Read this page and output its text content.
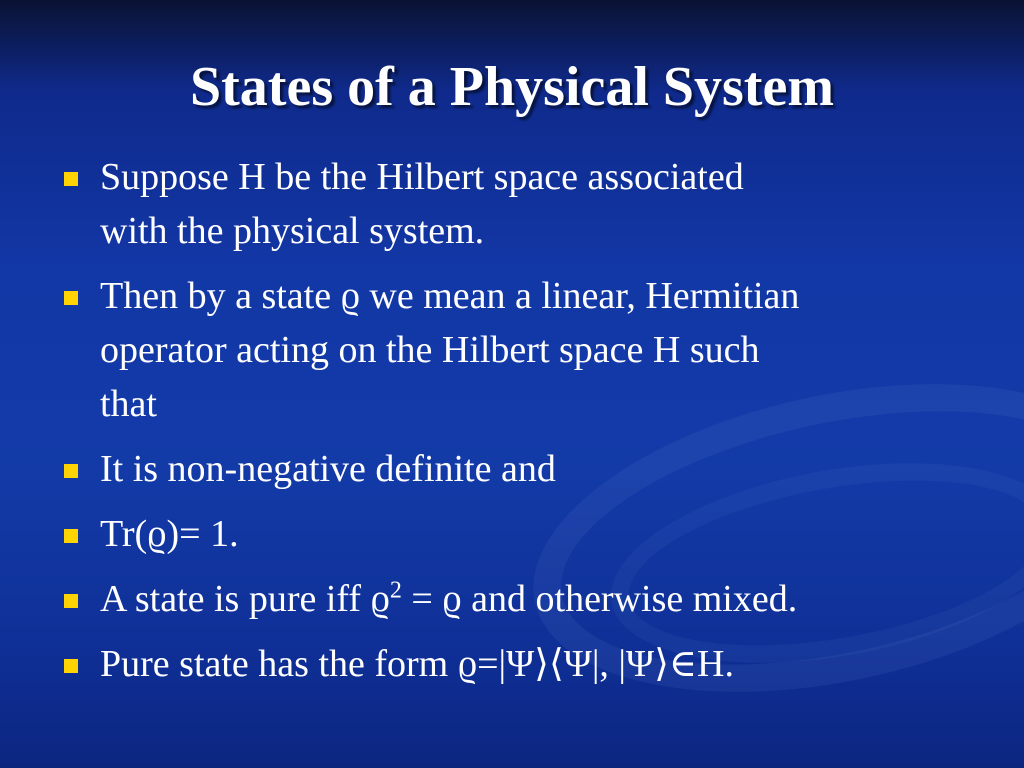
States of a Physical System
Suppose H be the Hilbert space associated
with the physical system.
Then by a state ϱ we mean a linear, Hermitian
operator acting on the Hilbert space H such
that
It is non-negative definite and
Tr(ϱ)= 1.
A state is pure iff $ϱ^2 = ϱ$ and otherwise mixed.
Pure state has the form ϱ=|Ψ⟩⟨Ψ|, |Ψ⟩∈H.
